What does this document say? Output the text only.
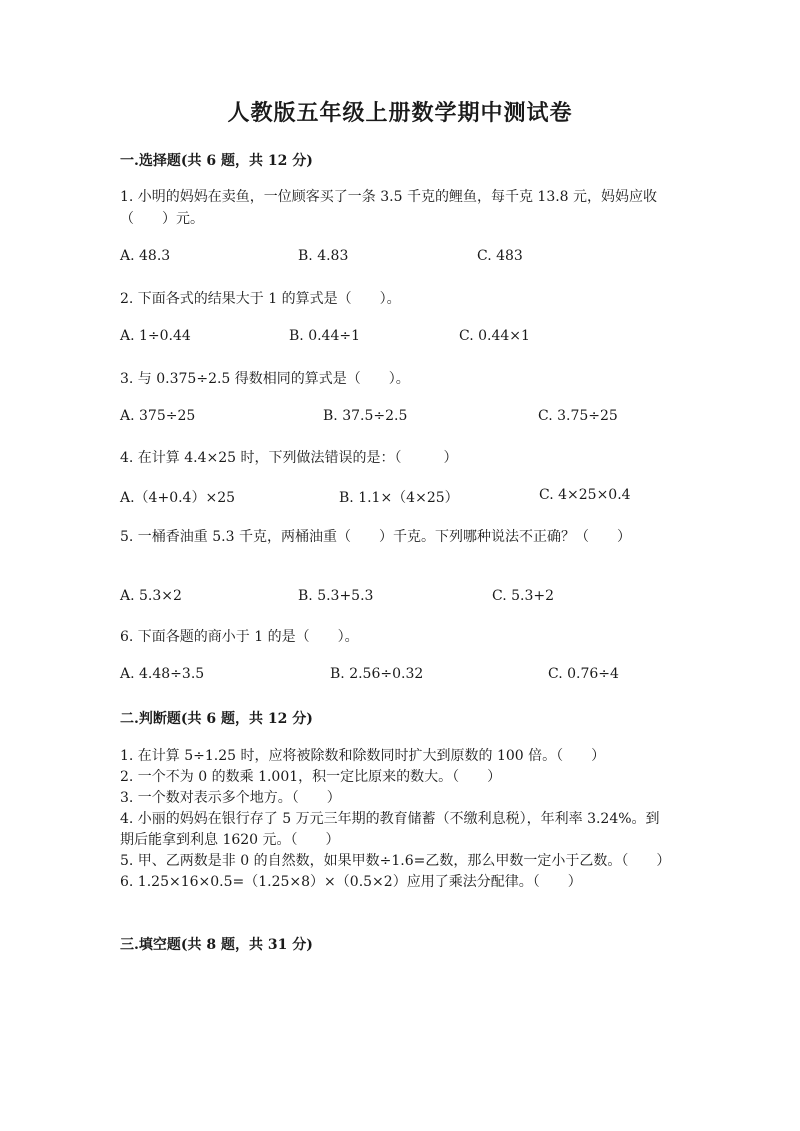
人教版五年级上册数学期中测试卷
一.选择题(共 6 题，共 12 分)
1. 小明的妈妈在卖鱼，一位顾客买了一条 3.5 千克的鲤鱼，每千克 13.8 元，妈妈应收（　　）元。
A. 48.3	B. 4.83	C. 483
2. 下面各式的结果大于 1 的算式是（　　）。
A. 1÷0.44	B. 0.44÷1	C. 0.44×1
3. 与 0.375÷2.5 得数相同的算式是（　　）。
A. 375÷25	B. 37.5÷2.5	C. 3.75÷25
4. 在计算 4.4×25 时，下列做法错误的是：（　　　）
A.（4+0.4）×25	B. 1.1×（4×25）	C. 4×25×0.4
5. 一桶香油重 5.3 千克，两桶油重（　　）千克。下列哪种说法不正确？（　　）
A. 5.3×2	B. 5.3+5.3	C. 5.3+2
6. 下面各题的商小于 1 的是（　　）。
A. 4.48÷3.5	B. 2.56÷0.32	C. 0.76÷4
二.判断题(共 6 题，共 12 分)
1. 在计算 5÷1.25 时，应将被除数和除数同时扩大到原数的 100 倍。（　　）
2. 一个不为 0 的数乘 1.001，积一定比原来的数大。（　　）
3. 一个数对表示多个地方。（　　）
4. 小丽的妈妈在银行存了 5 万元三年期的教育储蓄（不缴利息税），年利率 3.24%。到期后能拿到利息 1620 元。（　　）
5. 甲、乙两数是非 0 的自然数，如果甲数÷1.6=乙数，那么甲数一定小于乙数。（　　）
6. 1.25×16×0.5=（1.25×8）×（0.5×2）应用了乘法分配律。（　　）
三.填空题(共 8 题，共 31 分)
